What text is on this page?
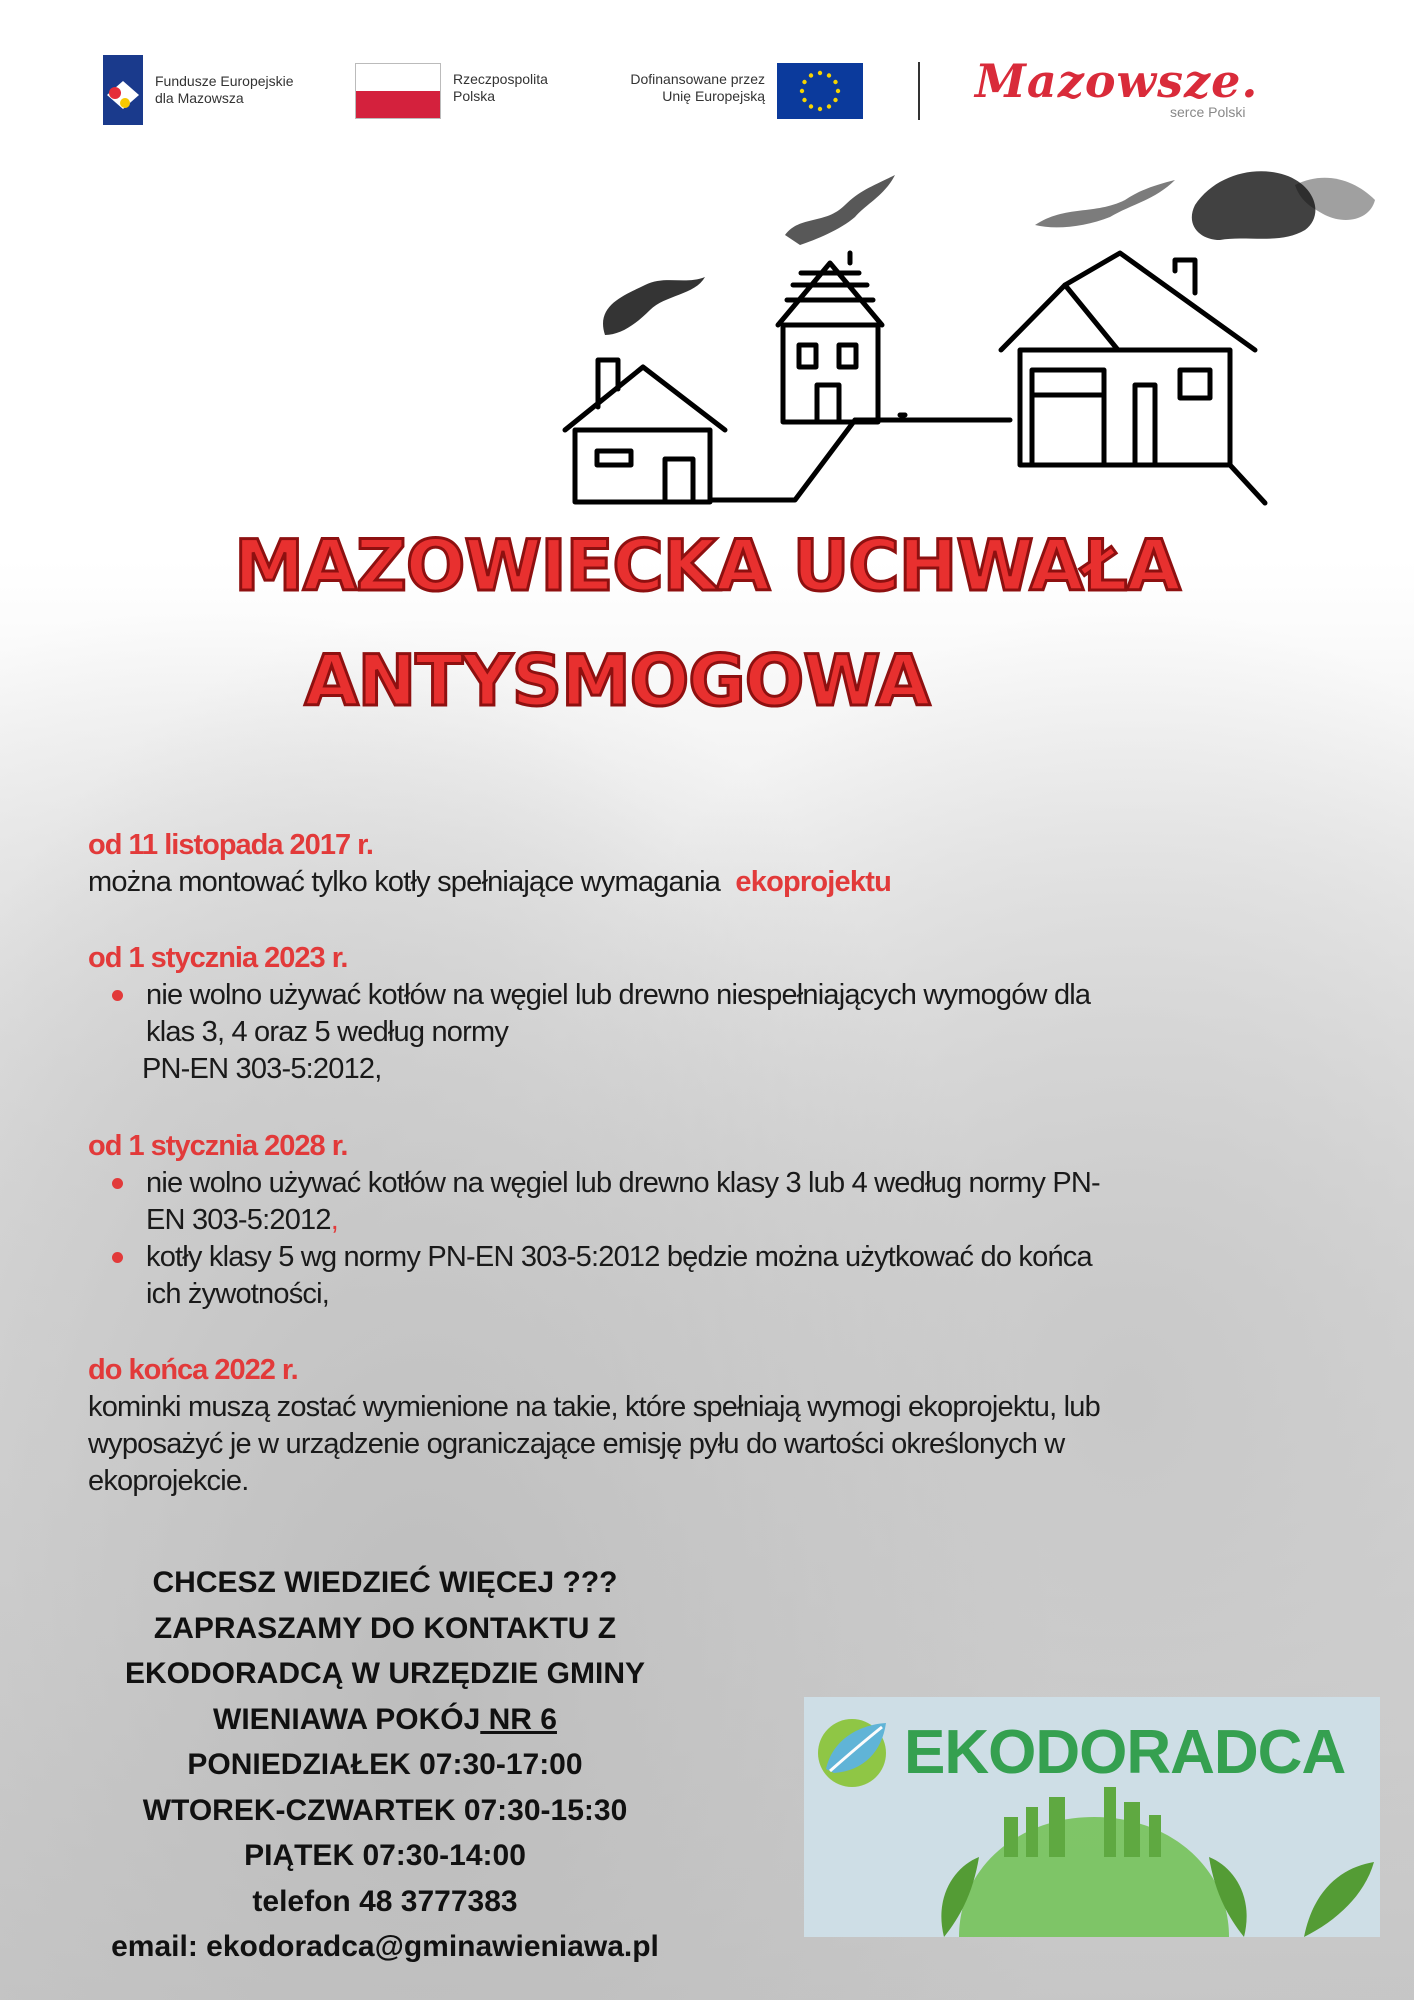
Fundusze Europejskie
dla Mazowsza
Rzeczpospolita
Polska
Dofinansowane przez
Unię Europejską	Mazowsze.
serce Polski
MAZOWIECKA UCHWAŁA
ANTYSMOGOWA
od 11 listopada 2017 r.
można montować tylko kotły spełniające wymagania ekoprojektu
od 1 stycznia 2023 r.
nie wolno używać kotłów na węgiel lub drewno niespełniających wymogów dla
klas 3, 4 oraz 5 według normy
PN-EN 303-5:2012,
od 1 stycznia 2028 r.
nie wolno używać kotłów na węgiel lub drewno klasy 3 lub 4 według normy PN-
EN 303-5:2012,
kotły klasy 5 wg normy PN-EN 303-5:2012 będzie można użytkować do końca
ich żywotności,
do końca 2022 r.
kominki muszą zostać wymienione na takie, które spełniają wymogi ekoprojektu, lub
wyposażyć je w urządzenie ograniczające emisję pyłu do wartości określonych w
ekoprojekcie.
CHCESZ WIEDZIEĆ WIĘCEJ ???
ZAPRASZAMY DO KONTAKTU Z
EKODORADCĄ W URZĘDZIE GMINY
WIENIAWA POKÓJ NR 6
PONIEDZIAŁEK 07:30-17:00
WTOREK-CZWARTEK 07:30-15:30
PIĄTEK 07:30-14:00
telefon 48 3777383
email: ekodoradca@gminawieniawa.pl
EKODORADCA
